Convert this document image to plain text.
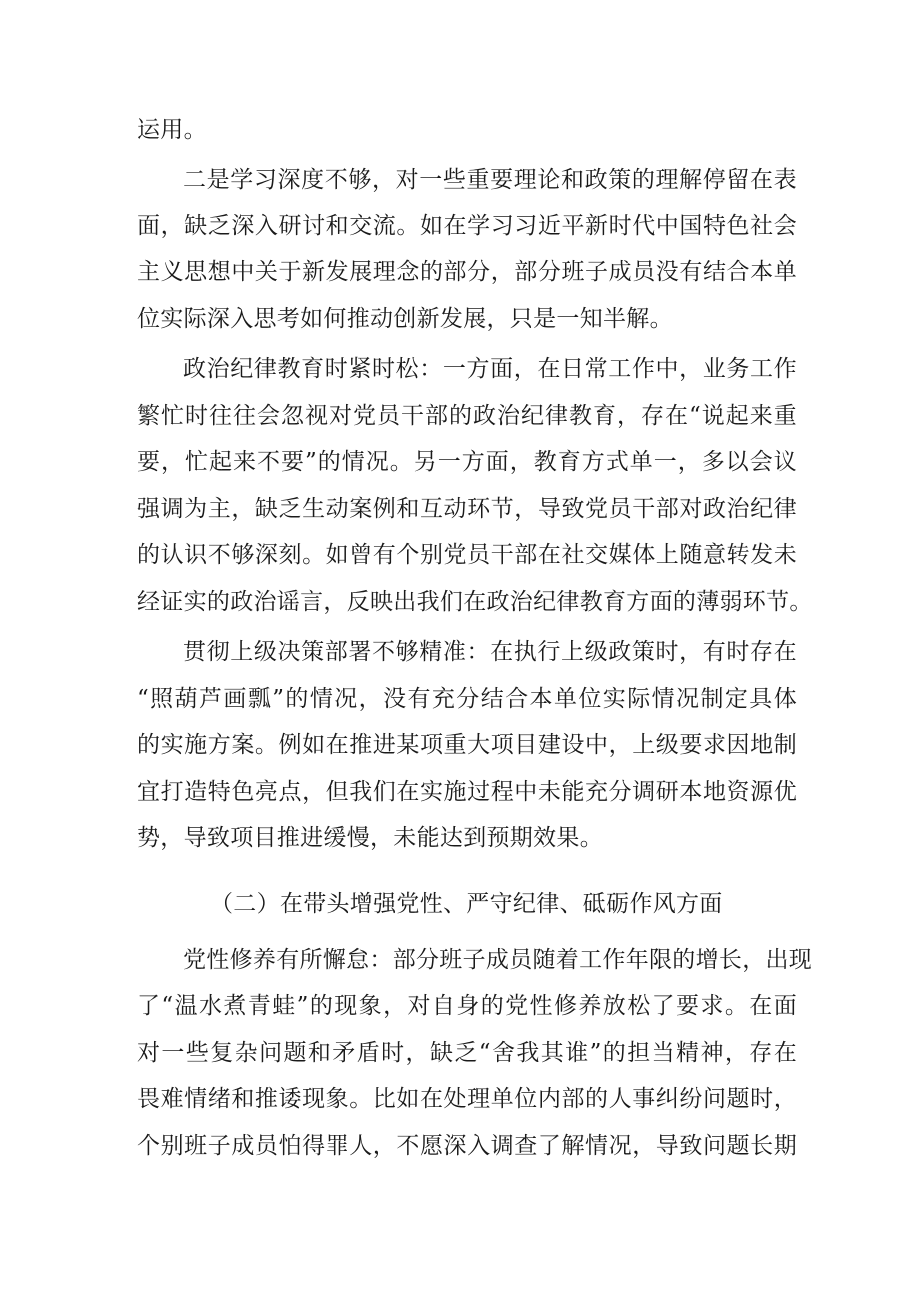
运用。

二是学习深度不够，对一些重要理论和政策的理解停留在表

面，缺乏深入研讨和交流。如在学习习近平新时代中国特色社会

主义思想中关于新发展理念的部分，部分班子成员没有结合本单

位实际深入思考如何推动创新发展，只是一知半解。

政治纪律教育时紧时松：一方面，在日常工作中，业务工作

繁忙时往往会忽视对党员干部的政治纪律教育，存在“说起来重

要，忙起来不要”的情况。另一方面，教育方式单一，多以会议

强调为主，缺乏生动案例和互动环节，导致党员干部对政治纪律

的认识不够深刻。如曾有个别党员干部在社交媒体上随意转发未

经证实的政治谣言，反映出我们在政治纪律教育方面的薄弱环节。

贯彻上级决策部署不够精准：在执行上级政策时，有时存在

“照葫芦画瓢”的情况，没有充分结合本单位实际情况制定具体

的实施方案。例如在推进某项重大项目建设中，上级要求因地制

宜打造特色亮点，但我们在实施过程中未能充分调研本地资源优

势，导致项目推进缓慢，未能达到预期效果。

（二）在带头增强党性、严守纪律、砥砺作风方面

党性修养有所懈怠：部分班子成员随着工作年限的增长，出现

了“温水煮青蛙”的现象，对自身的党性修养放松了要求。在面

对一些复杂问题和矛盾时，缺乏“舍我其谁”的担当精神，存在

畏难情绪和推诿现象。比如在处理单位内部的人事纠纷问题时，

个别班子成员怕得罪人，不愿深入调查了解情况，导致问题长期
